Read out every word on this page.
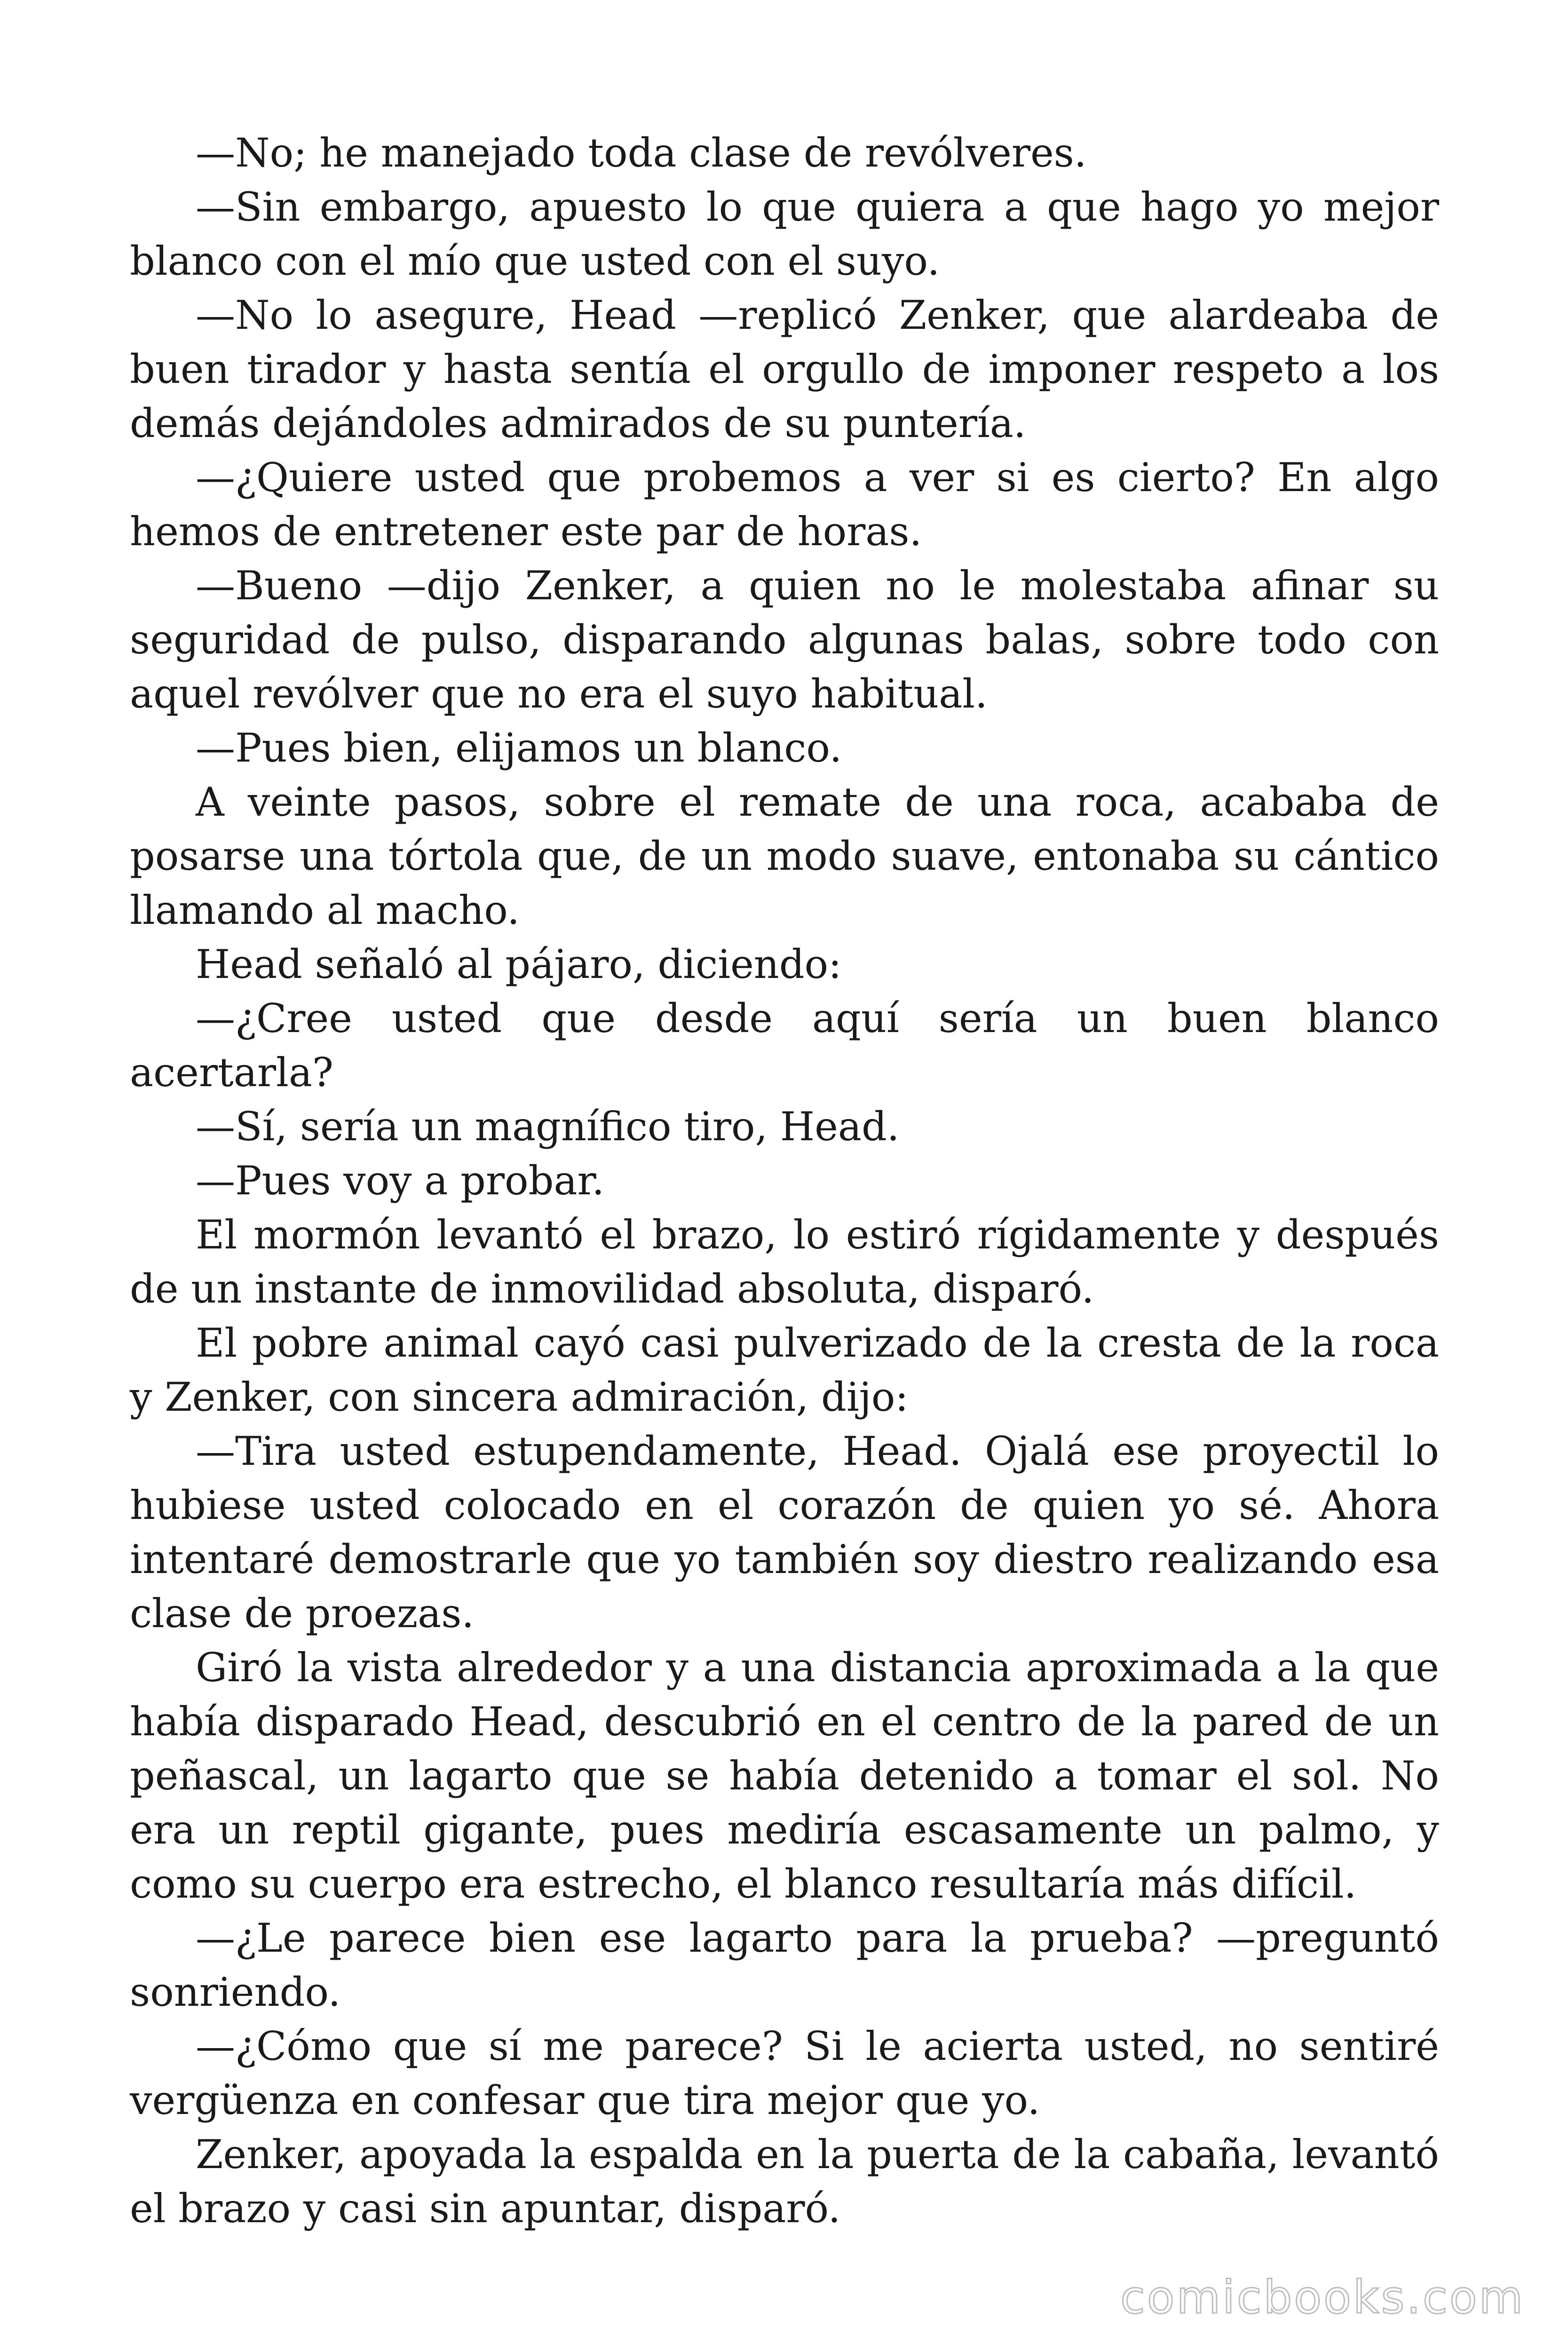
—No; he manejado toda clase de revólveres.

—Sin embargo, apuesto lo que quiera a que hago yo mejor blanco con el mío que usted con el suyo.

—No lo asegure, Head —replicó Zenker, que alardeaba de buen tirador y hasta sentía el orgullo de imponer respeto a los demás dejándoles admirados de su puntería.

—¿Quiere usted que probemos a ver si es cierto? En algo hemos de entretener este par de horas.

—Bueno —dijo Zenker, a quien no le molestaba afinar su seguridad de pulso, disparando algunas balas, sobre todo con aquel revólver que no era el suyo habitual.

—Pues bien, elijamos un blanco.

A veinte pasos, sobre el remate de una roca, acababa de posarse una tórtola que, de un modo suave, entonaba su cántico llamando al macho.

Head señaló al pájaro, diciendo:

—¿Cree usted que desde aquí sería un buen blanco acertarla?

—Sí, sería un magnífico tiro, Head.

—Pues voy a probar.

El mormón levantó el brazo, lo estiró rígidamente y después de un instante de inmovilidad absoluta, disparó.

El pobre animal cayó casi pulverizado de la cresta de la roca y Zenker, con sincera admiración, dijo:

—Tira usted estupendamente, Head. Ojalá ese proyectil lo hubiese usted colocado en el corazón de quien yo sé. Ahora intentaré demostrarle que yo también soy diestro realizando esa clase de proezas.

Giró la vista alrededor y a una distancia aproximada a la que había disparado Head, descubrió en el centro de la pared de un peñascal, un lagarto que se había detenido a tomar el sol. No era un reptil gigante, pues mediría escasamente un palmo, y como su cuerpo era estrecho, el blanco resultaría más difícil.

—¿Le parece bien ese lagarto para la prueba? —preguntó sonriendo.

—¿Cómo que sí me parece? Si le acierta usted, no sentiré vergüenza en confesar que tira mejor que yo.

Zenker, apoyada la espalda en la puerta de la cabaña, levantó el brazo y casi sin apuntar, disparó.

comicbooks.com
